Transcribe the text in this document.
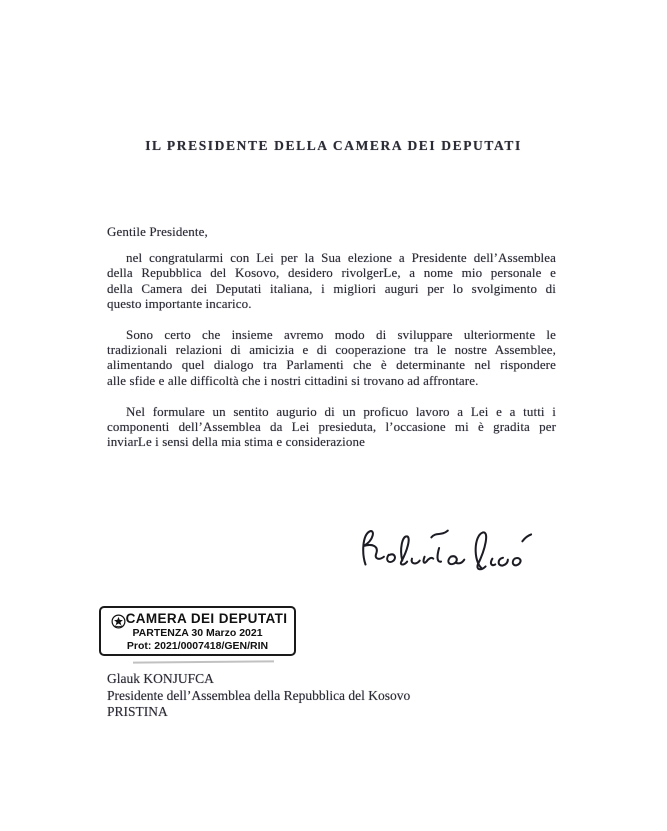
IL PRESIDENTE DELLA CAMERA DEI DEPUTATI
Gentile Presidente,
nel congratularmi con Lei per la Sua elezione a Presidente dell’Assemblea
della Repubblica del Kosovo, desidero rivolgerLe, a nome mio personale e
della Camera dei Deputati italiana, i migliori auguri per lo svolgimento di
questo importante incarico.
Sono certo che insieme avremo modo di sviluppare ulteriormente le
tradizionali relazioni di amicizia e di cooperazione tra le nostre Assemblee,
alimentando quel dialogo tra Parlamenti che è determinante nel rispondere
alle sfide e alle difficoltà che i nostri cittadini si trovano ad affrontare.
Nel formulare un sentito augurio di un proficuo lavoro a Lei e a tutti i
componenti dell’Assemblea da Lei presieduta, l’occasione mi è gradita per
inviarLe i sensi della mia stima e considerazione
CAMERA DEI DEPUTATI
PARTENZA 30 Marzo 2021
Prot: 2021/0007418/GEN/RIN
Glauk KONJUFCA
Presidente dell’Assemblea della Repubblica del Kosovo
PRISTINA
